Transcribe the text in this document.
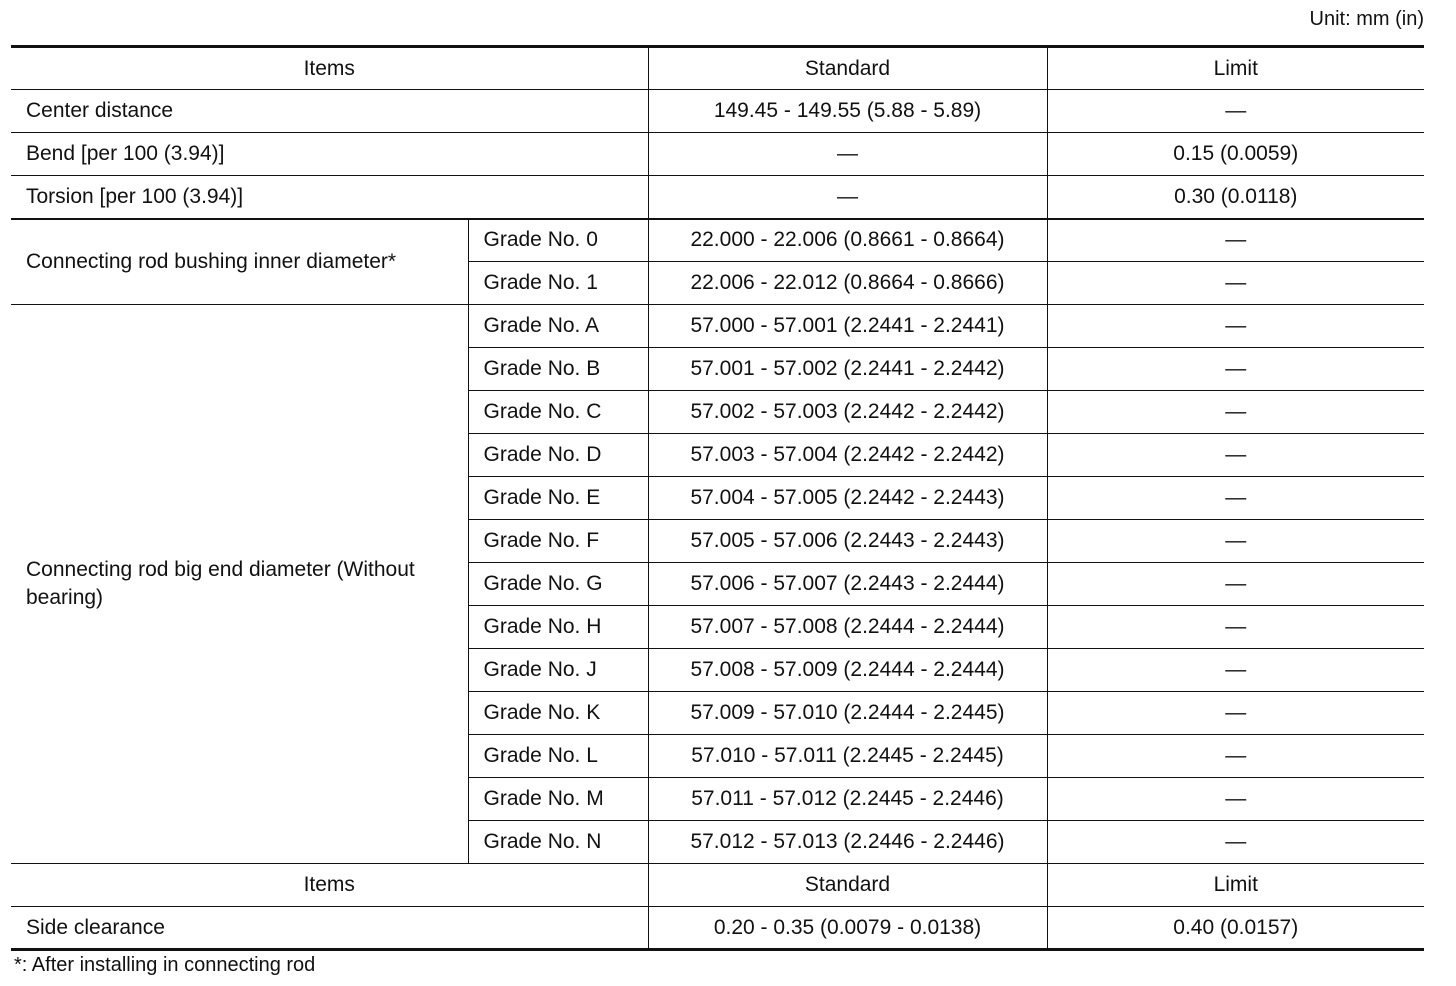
Unit: mm (in)
Items		Standard	Limit
Center distance		149.45 - 149.55 (5.88 - 5.89)	—
Bend [per 100 (3.94)]		—	0.15 (0.0059)
Torsion [per 100 (3.94)]		—	0.30 (0.0118)
Connecting rod bushing inner diameter*	Grade No. 0	22.000 - 22.006 (0.8661 - 0.8664)	—
	Grade No. 1	22.006 - 22.012 (0.8664 - 0.8666)	—
Connecting rod big end diameter (Without bearing)	Grade No. A	57.000 - 57.001 (2.2441 - 2.2441)	—
	Grade No. B	57.001 - 57.002 (2.2441 - 2.2442)	—
	Grade No. C	57.002 - 57.003 (2.2442 - 2.2442)	—
	Grade No. D	57.003 - 57.004 (2.2442 - 2.2442)	—
	Grade No. E	57.004 - 57.005 (2.2442 - 2.2443)	—
	Grade No. F	57.005 - 57.006 (2.2443 - 2.2443)	—
	Grade No. G	57.006 - 57.007 (2.2443 - 2.2444)	—
	Grade No. H	57.007 - 57.008 (2.2444 - 2.2444)	—
	Grade No. J	57.008 - 57.009 (2.2444 - 2.2444)	—
	Grade No. K	57.009 - 57.010 (2.2444 - 2.2445)	—
	Grade No. L	57.010 - 57.011 (2.2445 - 2.2445)	—
	Grade No. M	57.011 - 57.012 (2.2445 - 2.2446)	—
	Grade No. N	57.012 - 57.013 (2.2446 - 2.2446)	—
Items		Standard	Limit
Side clearance		0.20 - 0.35 (0.0079 - 0.0138)	0.40 (0.0157)
*: After installing in connecting rod
